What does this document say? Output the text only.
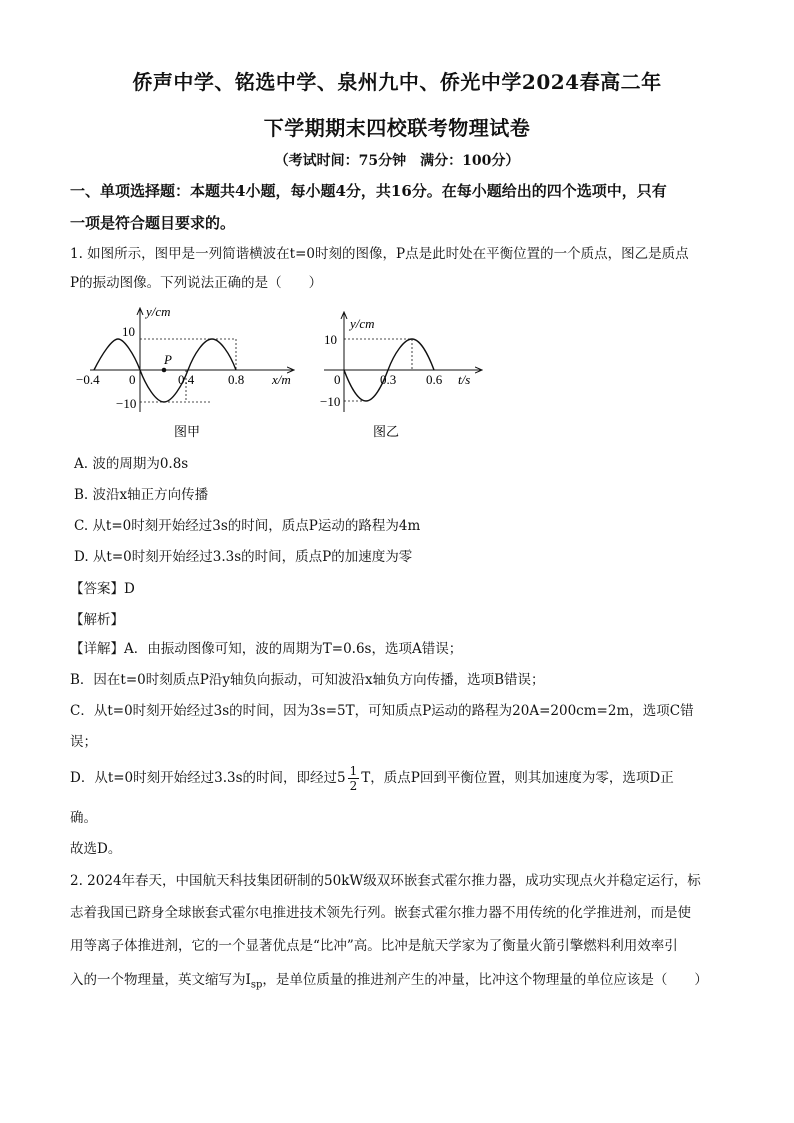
侨声中学、铭选中学、泉州九中、侨光中学2024春高二年
下学期期末四校联考物理试卷
（考试时间：75分钟　满分：100分）
一、单项选择题：本题共4小题，每小题4分，共16分。在每小题给出的四个选项中，只有
一项是符合题目要求的。
1. 如图所示，图甲是一列简谐横波在t=0时刻的图像，P点是此时处在平衡位置的一个质点，图乙是质点
P的振动图像。下列说法正确的是（　　）
P
y/cm
10
−10
−0.4 0	0.4	0.8 x/m
图甲
y/cm
10
−10
0	0.3 0.6 t/s
图乙
A. 波的周期为0.8s
B. 波沿x轴正方向传播
C. 从t=0时刻开始经过3s的时间，质点P运动的路程为4m
D. 从t=0时刻开始经过3.3s的时间，质点P的加速度为零
【答案】D
【解析】
【详解】A．由振动图像可知，波的周期为T=0.6s，选项A错误；
B．因在t=0时刻质点P沿y轴负向振动，可知波沿x轴负方向传播，选项B错误；
C．从t=0时刻开始经过3s的时间，因为3s=5T，可知质点P运动的路程为20A=200cm=2m，选项C错
误；
D．从t=0时刻开始经过3.3s的时间，即经过$5 \frac{1}{2}$ T，质点P回到平衡位置，则其加速度为零，选项D正
确。
故选D。
2. 2024年春天，中国航天科技集团研制的50kW级双环嵌套式霍尔推力器，成功实现点火并稳定运行，标
志着我国已跻身全球嵌套式霍尔电推进技术领先行列。嵌套式霍尔推力器不用传统的化学推进剂，而是使
用等离子体推进剂，它的一个显著优点是“比冲”高。比冲是航天学家为了衡量火箭引擎燃料利用效率引
入的一个物理量，英文缩写为$I_{sp}$，是单位质量的推进剂产生的冲量，比冲这个物理量的单位应该是（　　）
